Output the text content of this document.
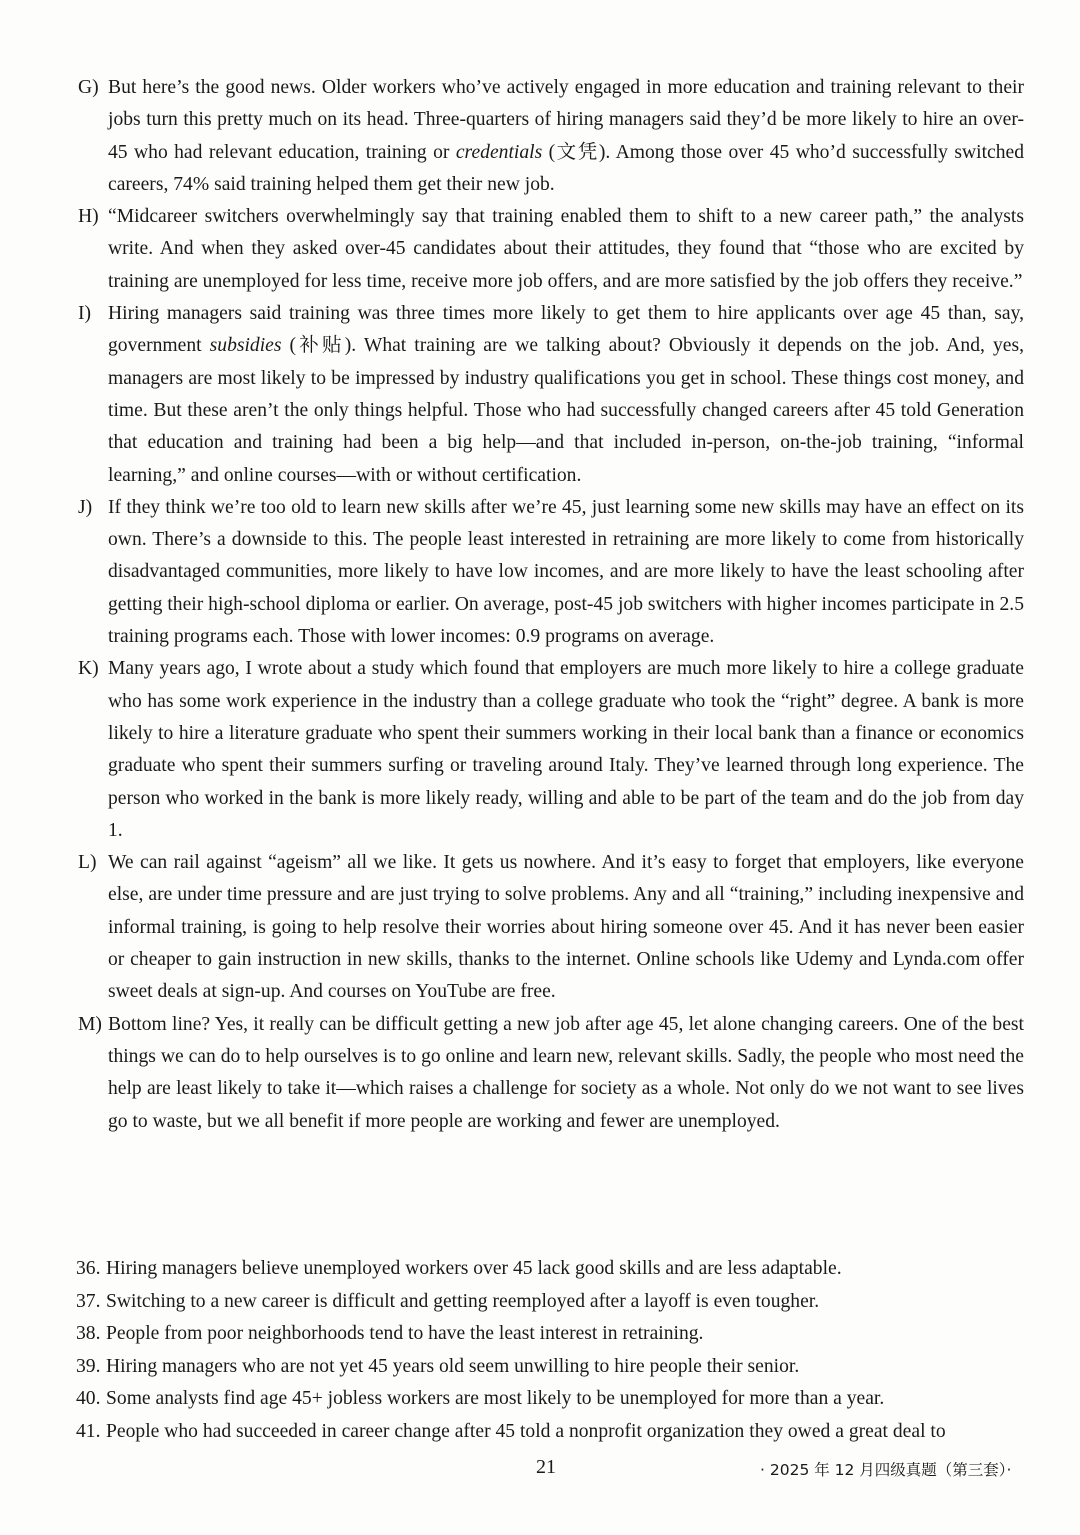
G) But here’s the good news. Older workers who’ve actively engaged in more education and training relevant to their jobs turn this pretty much on its head. Three-quarters of hiring managers said they’d be more likely to hire an over-45 who had relevant education, training or credentials (文凭). Among those over 45 who’d successfully switched careers, 74% said training helped them get their new job.

H) “Midcareer switchers overwhelmingly say that training enabled them to shift to a new career path,” the analysts write. And when they asked over-45 candidates about their attitudes, they found that “those who are excited by training are unemployed for less time, receive more job offers, and are more satisfied by the job offers they receive.”

I) Hiring managers said training was three times more likely to get them to hire applicants over age 45 than, say, government subsidies (补贴). What training are we talking about? Obviously it depends on the job. And, yes, managers are most likely to be impressed by industry qualifications you get in school. These things cost money, and time. But these aren’t the only things helpful. Those who had successfully changed careers after 45 told Generation that education and training had been a big help—and that included in-person, on-the-job training, “informal learning,” and online courses—with or without certification.

J) If they think we’re too old to learn new skills after we’re 45, just learning some new skills may have an effect on its own. There’s a downside to this. The people least interested in retraining are more likely to come from historically disadvantaged communities, more likely to have low incomes, and are more likely to have the least schooling after getting their high-school diploma or earlier. On average, post-45 job switchers with higher incomes participate in 2.5 training programs each. Those with lower incomes: 0.9 programs on average.

K) Many years ago, I wrote about a study which found that employers are much more likely to hire a college graduate who has some work experience in the industry than a college graduate who took the “right” degree. A bank is more likely to hire a literature graduate who spent their summers working in their local bank than a finance or economics graduate who spent their summers surfing or traveling around Italy. They’ve learned through long experience. The person who worked in the bank is more likely ready, willing and able to be part of the team and do the job from day 1.

L) We can rail against “ageism” all we like. It gets us nowhere. And it’s easy to forget that employers, like everyone else, are under time pressure and are just trying to solve problems. Any and all “training,” including inexpensive and informal training, is going to help resolve their worries about hiring someone over 45. And it has never been easier or cheaper to gain instruction in new skills, thanks to the internet. Online schools like Udemy and Lynda.com offer sweet deals at sign-up. And courses on YouTube are free.

M) Bottom line? Yes, it really can be difficult getting a new job after age 45, let alone changing careers. One of the best things we can do to help ourselves is to go online and learn new, relevant skills. Sadly, the people who most need the help are least likely to take it—which raises a challenge for society as a whole. Not only do we not want to see lives go to waste, but we all benefit if more people are working and fewer are unemployed.

36. Hiring managers believe unemployed workers over 45 lack good skills and are less adaptable.

37. Switching to a new career is difficult and getting reemployed after a layoff is even tougher.

38. People from poor neighborhoods tend to have the least interest in retraining.

39. Hiring managers who are not yet 45 years old seem unwilling to hire people their senior.

40. Some analysts find age 45+ jobless workers are most likely to be unemployed for more than a year.

41. People who had succeeded in career change after 45 told a nonprofit organization they owed a great deal to

21	· 2025 年 12 月四级真题（第三套）·
